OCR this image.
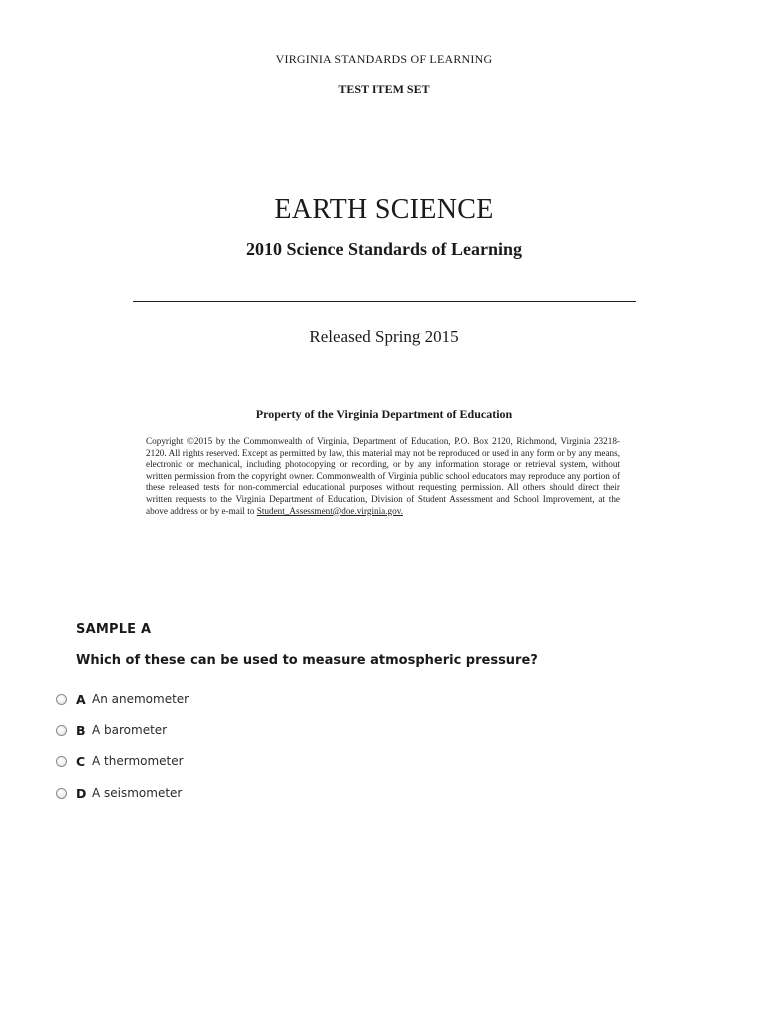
VIRGINIA STANDARDS OF LEARNING
TEST ITEM SET
EARTH SCIENCE
2010 Science Standards of Learning
Released Spring 2015
Property of the Virginia Department of Education
Copyright ©2015 by the Commonwealth of Virginia, Department of Education, P.O. Box 2120, Richmond, Virginia 23218-2120. All rights reserved. Except as permitted by law, this material may not be reproduced or used in any form or by any means, electronic or mechanical, including photocopying or recording, or by any information storage or retrieval system, without written permission from the copyright owner. Commonwealth of Virginia public school educators may reproduce any portion of these released tests for non-commercial educational purposes without requesting permission. All others should direct their written requests to the Virginia Department of Education, Division of Student Assessment and School Improvement, at the above address or by e-mail to Student_Assessment@doe.virginia.gov.
SAMPLE A
Which of these can be used to measure atmospheric pressure?
A An anemometer
B A barometer
C A thermometer
D A seismometer
